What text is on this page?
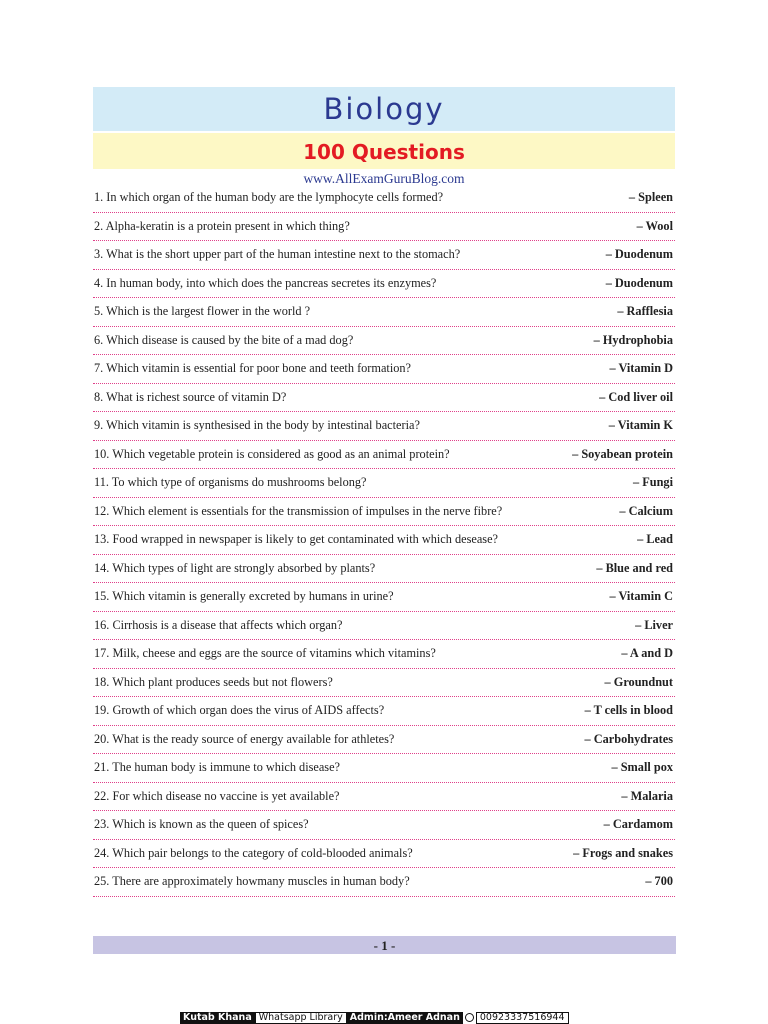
Biology
100 Questions
www.AllExamGuruBlog.com
1. In which organ of the human body are the lymphocyte cells formed?	– Spleen
2. Alpha-keratin is a protein present in which thing?	– Wool
3. What is the short upper part of the human intestine next to the stomach?	– Duodenum
4. In human body, into which does the pancreas secretes its enzymes?	– Duodenum
5. Which is the largest flower in the world ?	– Rafflesia
6. Which disease is caused by the bite of a mad dog?	– Hydrophobia
7. Which vitamin is essential for poor bone and teeth formation?	– Vitamin D
8. What is richest source of vitamin D?	– Cod liver oil
9. Which vitamin is synthesised in the body by intestinal bacteria?	– Vitamin K
10. Which vegetable protein is considered as good as an animal protein?	– Soyabean protein
11. To which type of organisms do mushrooms belong?	– Fungi
12. Which element is essentials for the transmission of impulses in the nerve fibre?	– Calcium
13. Food wrapped in newspaper is likely to get contaminated with which desease?	– Lead
14. Which types of light are strongly absorbed by plants?	– Blue and red
15. Which vitamin is generally excreted by humans in urine?	– Vitamin C
16. Cirrhosis is a disease that affects which organ?	– Liver
17. Milk, cheese and eggs are the source of vitamins which vitamins?	– A and D
18. Which plant produces seeds but not flowers?	– Groundnut
19. Growth of which organ does the virus of AIDS affects?	– T cells in blood
20. What is the ready source of energy available for athletes?	– Carbohydrates
21. The human body is immune to which disease?	– Small pox
22. For which disease no vaccine is yet available?	– Malaria
23. Which is known as the queen of spices?	– Cardamom
24. Which pair belongs to the category of cold-blooded animals?	– Frogs and snakes
25. There are approximately howmany muscles in human body?	– 700
- 1 -
Kutab Khana Whatsapp Library Admin:Ameer Adnan	00923337516944
